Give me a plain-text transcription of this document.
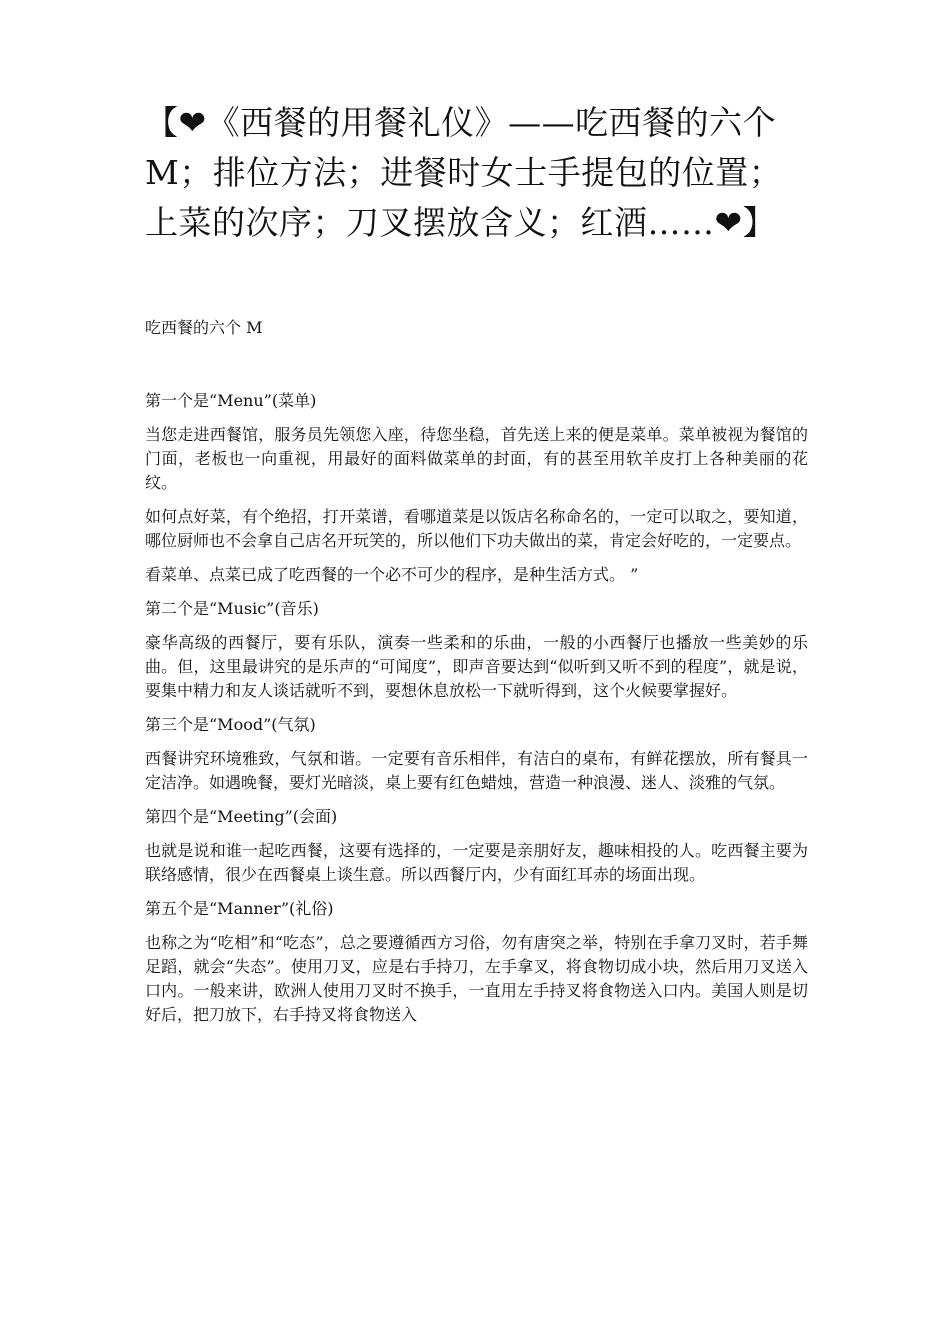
【❤《西餐的用餐礼仪》——吃西餐的六个 M；排位方法；进餐时女士手提包的位置；上菜的次序；刀叉摆放含义；红酒……❤】

吃西餐的六个 M

第一个是“Menu”(菜单)

当您走进西餐馆，服务员先领您入座，待您坐稳，首先送上来的便是菜单。菜单被视为餐馆的门面，老板也一向重视，用最好的面料做菜单的封面，有的甚至用软羊皮打上各种美丽的花纹。

如何点好菜，有个绝招，打开菜谱，看哪道菜是以饭店名称命名的，一定可以取之，要知道，哪位厨师也不会拿自己店名开玩笑的，所以他们下功夫做出的菜，肯定会好吃的，一定要点。

看菜单、点菜已成了吃西餐的一个必不可少的程序，是种生活方式。 ”

第二个是“Music”(音乐)

豪华高级的西餐厅，要有乐队，演奏一些柔和的乐曲，一般的小西餐厅也播放一些美妙的乐曲。但，这里最讲究的是乐声的“可闻度”，即声音要达到“似听到又听不到的程度”，就是说，要集中精力和友人谈话就听不到，要想休息放松一下就听得到，这个火候要掌握好。

第三个是“Mood”(气氛)

西餐讲究环境雅致，气氛和谐。一定要有音乐相伴，有洁白的桌布，有鲜花摆放，所有餐具一定洁净。如遇晚餐，要灯光暗淡，桌上要有红色蜡烛，营造一种浪漫、迷人、淡雅的气氛。

第四个是“Meeting”(会面)

也就是说和谁一起吃西餐，这要有选择的，一定要是亲朋好友，趣味相投的人。吃西餐主要为联络感情，很少在西餐桌上谈生意。所以西餐厅内，少有面红耳赤的场面出现。

第五个是“Manner”(礼俗)

也称之为“吃相”和“吃态”，总之要遵循西方习俗，勿有唐突之举，特别在手拿刀叉时，若手舞足蹈，就会“失态”。使用刀叉，应是右手持刀，左手拿叉，将食物切成小块，然后用刀叉送入口内。一般来讲，欧洲人使用刀叉时不换手，一直用左手持叉将食物送入口内。美国人则是切好后，把刀放下，右手持叉将食物送入
